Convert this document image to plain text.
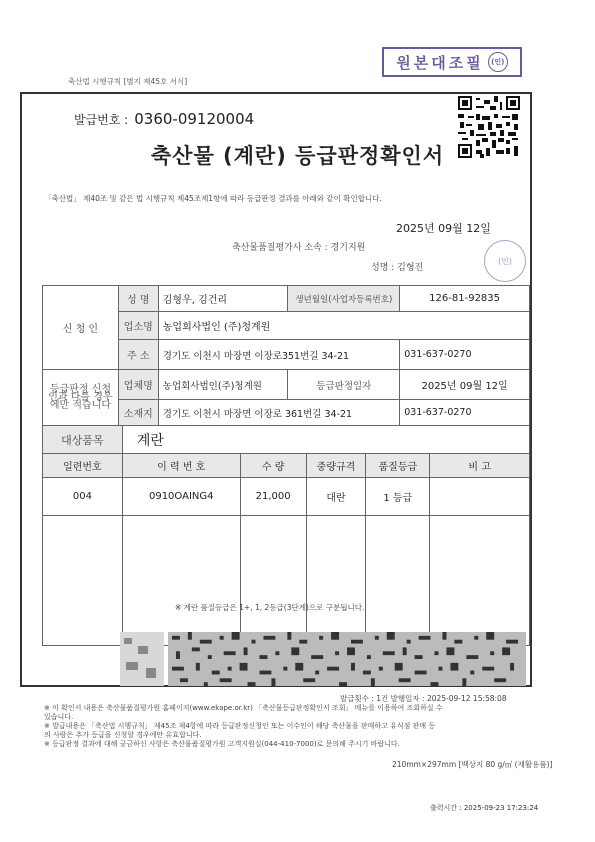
축산법 시행규칙 [별지 제45호 서식]
원본대조필	(인)
발급번호 : 0360-09120004
축산물 (계란) 등급판정확인서
「축산법」 제40조 및 같은 법 시행규칙 제45조제1항에 따라 등급판정 결과를 아래와 같이 확인합니다.
2025년 09월 12일
축산물품질평가사 소속 : 경기지원
성명 : 김형진
(인)
신 청 인	성 명	김형우, 김건리	생년월일(사업자등록번호)	126-81-92835
	업소명	농업회사법인 (주)청계원		
	주 소	경기도 이천시 마장면 이장로351번길 34-21		031-637-0270
등급판정 신청인과 다를 경우에만 적습니다	업체명	농업회사법인(주)청계원	등급판정일자	2025년 09월 12일
	소재지	경기도 이천시 마장면 이장로 361번길 34-21		031-637-0270
대상품목	계란				
일련번호	이 력 번 호	수 량	중량규격	품질등급	비 고
004	0910OAING4	21,000	대란	1 등급	

※ 계란 품질등급은 1+, 1, 2등급(3단계)으로 구분됩니다.
발급횟수 : 1건 발행일자 : 2025-09-12 15:58:08
※ 이 확인서 내용은 축산물품질평가원 홈페이지(www.ekape.or.kr) 「축산물등급판정확인서 조회」 메뉴를 이용하여 조회하실 수
있습니다.
※ 발급내용은 「축산법 시행규칙」 제45조 제4항에 따라 등급판정신청인 또는 이수인이 해당 축산물을 판매하고 유식점 판매 등
의 사람은 추가 등급을 신청할 경우에만 유효합니다.
※ 등급판정 결과에 대해 궁금하신 사항은 축산물품질평가원 고객지원실(044-410-7000)로 문의해 주시기 바랍니다.
210mm×297mm [백상지 80 g/㎡ (재활용품)]
출력시간 : 2025-09-23 17:23:24
